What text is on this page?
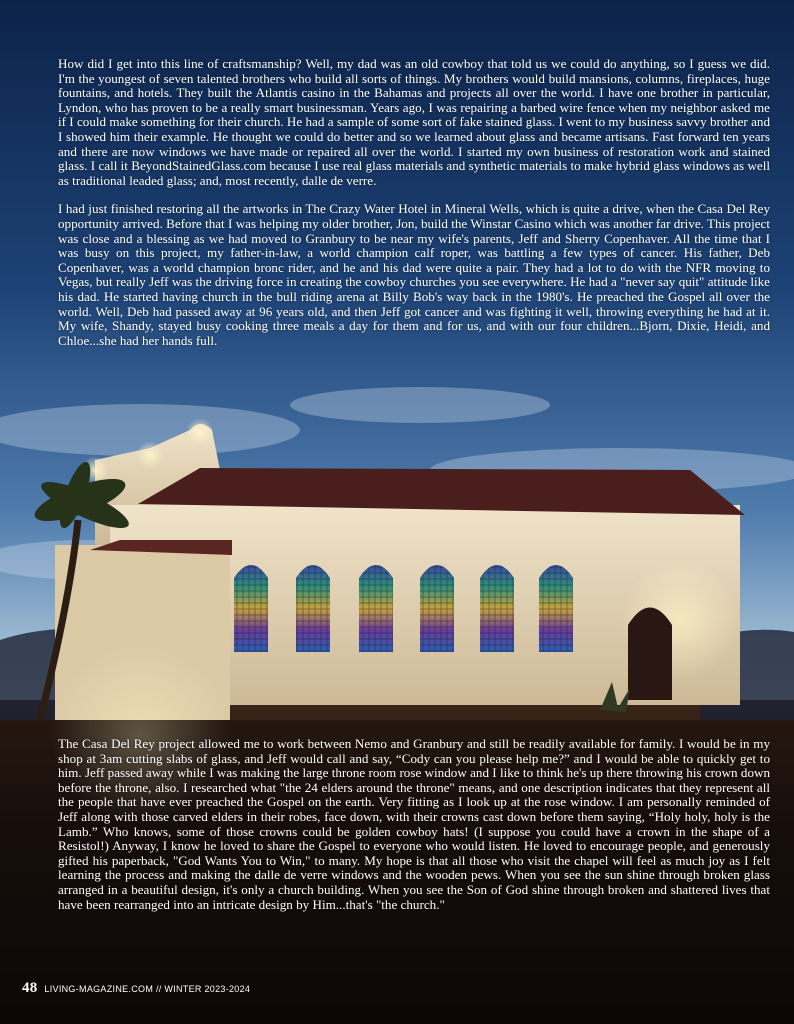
How did I get into this line of craftsmanship? Well, my dad was an old cowboy that told us we could do anything, so I guess we did. I'm the youngest of seven talented brothers who build all sorts of things. My brothers would build mansions, columns, fireplaces, huge fountains, and hotels. They built the Atlantis casino in the Bahamas and projects all over the world. I have one brother in particular, Lyndon, who has proven to be a really smart businessman. Years ago, I was repairing a barbed wire fence when my neighbor asked me if I could make something for their church. He had a sample of some sort of fake stained glass. I went to my business savvy brother and I showed him their example. He thought we could do better and so we learned about glass and became artisans. Fast forward ten years and there are now windows we have made or repaired all over the world. I started my own business of restoration work and stained glass. I call it BeyondStainedGlass.com because I use real glass materials and synthetic materials to make hybrid glass windows as well as traditional leaded glass; and, most recently, dalle de verre.

I had just finished restoring all the artworks in The Crazy Water Hotel in Mineral Wells, which is quite a drive, when the Casa Del Rey opportunity arrived. Before that I was helping my older brother, Jon, build the Winstar Casino which was another far drive. This project was close and a blessing as we had moved to Granbury to be near my wife's parents, Jeff and Sherry Copenhaver. All the time that I was busy on this project, my father-in-law, a world champion calf roper, was battling a few types of cancer. His father, Deb Copenhaver, was a world champion bronc rider, and he and his dad were quite a pair. They had a lot to do with the NFR moving to Vegas, but really Jeff was the driving force in creating the cowboy churches you see everywhere. He had a "never say quit" attitude like his dad. He started having church in the bull riding arena at Billy Bob's way back in the 1980's. He preached the Gospel all over the world. Well, Deb had passed away at 96 years old, and then Jeff got cancer and was fighting it well, throwing everything he had at it. My wife, Shandy, stayed busy cooking three meals a day for them and for us, and with our four children...Bjorn, Dixie, Heidi, and Chloe...she had her hands full.

The Casa Del Rey project allowed me to work between Nemo and Granbury and still be readily available for family. I would be in my shop at 3am cutting slabs of glass, and Jeff would call and say, “Cody can you please help me?” and I would be able to quickly get to him. Jeff passed away while I was making the large throne room rose window and I like to think he's up there throwing his crown down before the throne, also. I researched what "the 24 elders around the throne" means, and one description indicates that they represent all the people that have ever preached the Gospel on the earth. Very fitting as I look up at the rose window. I am personally reminded of Jeff along with those carved elders in their robes, face down, with their crowns cast down before them saying, “Holy holy, holy is the Lamb.” Who knows, some of those crowns could be golden cowboy hats! (I suppose you could have a crown in the shape of a Resistol!) Anyway, I know he loved to share the Gospel to everyone who would listen. He loved to encourage people, and generously gifted his paperback, "God Wants You to Win," to many. My hope is that all those who visit the chapel will feel as much joy as I felt learning the process and making the dalle de verre windows and the wooden pews. When you see the sun shine through broken glass arranged in a beautiful design, it's only a church building. When you see the Son of God shine through broken and shattered lives that have been rearranged into an intricate design by Him...that's "the church."

48 LIVING-MAGAZINE.COM // WINTER 2023-2024
